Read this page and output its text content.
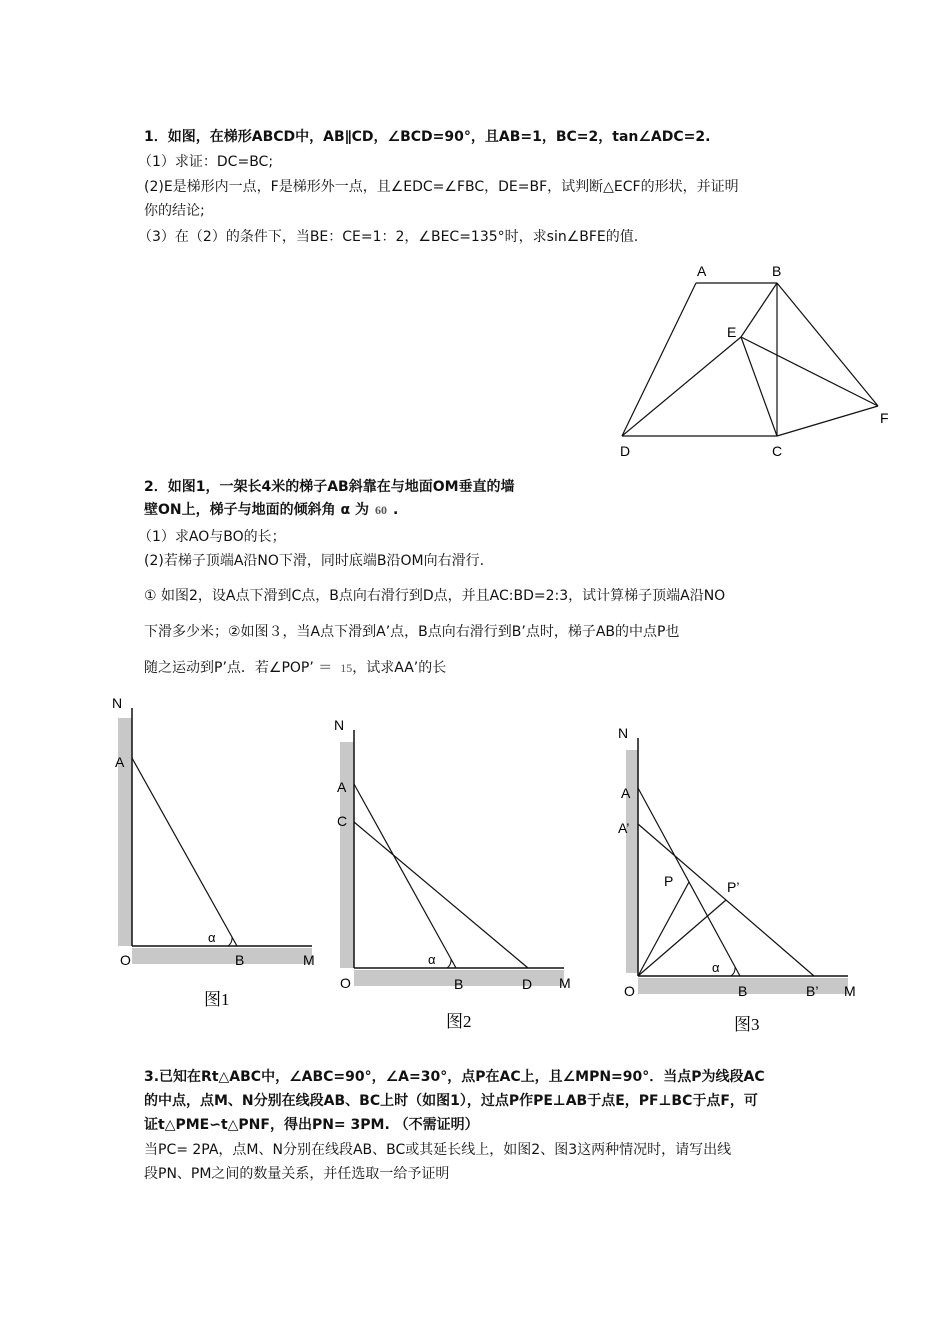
1．如图，在梯形ABCD中，AB∥CD，∠BCD=90°，且AB=1，BC=2，tan∠ADC=2.
（1）求证：DC=BC;
(2)E是梯形内一点，F是梯形外一点，且∠EDC=∠FBC，DE=BF，试判断△ECF的形状，并证明
你的结论;
（3）在（2）的条件下，当BE：CE=1：2，∠BEC=135°时，求sin∠BFE的值.
A	B
E
F
D	C
2．如图1，一架长4米的梯子AB斜靠在与地面OM垂直的墙
壁ON上，梯子与地面的倾斜角 α 为 60 .
（1）求AO与BO的长；
(2)若梯子顶端A沿NO下滑，同时底端B沿OM向右滑行.
① 如图2，设A点下滑到C点，B点向右滑行到D点，并且AC:BD=2:3，试计算梯子顶端A沿NO
下滑多少米；②如图３，当A点下滑到A’点，B点向右滑行到B’点时，梯子AB的中点P也
随之运动到P’点．若∠POP’ ＝ 15，试求AA’的长
N
A
O	B	M
α
图1
N
A
C
O	B	D M
α
图2
N
A
A’
P	P’
O	B	B’ M
α
图3
3.已知在Rt△ABC中，∠ABC=90°，∠A=30°，点P在AC上，且∠MPN=90°．当点P为线段AC
的中点，点M、N分别在线段AB、BC上时（如图1），过点P作PE⊥AB于点E，PF⊥BC于点F，可
证t△PME∽t△PNF，得出PN= 3PM. （不需证明）
当PC= 2PA，点M、N分别在线段AB、BC或其延长线上，如图2、图3这两种情况时，请写出线
段PN、PM之间的数量关系，并任选取一给予证明
